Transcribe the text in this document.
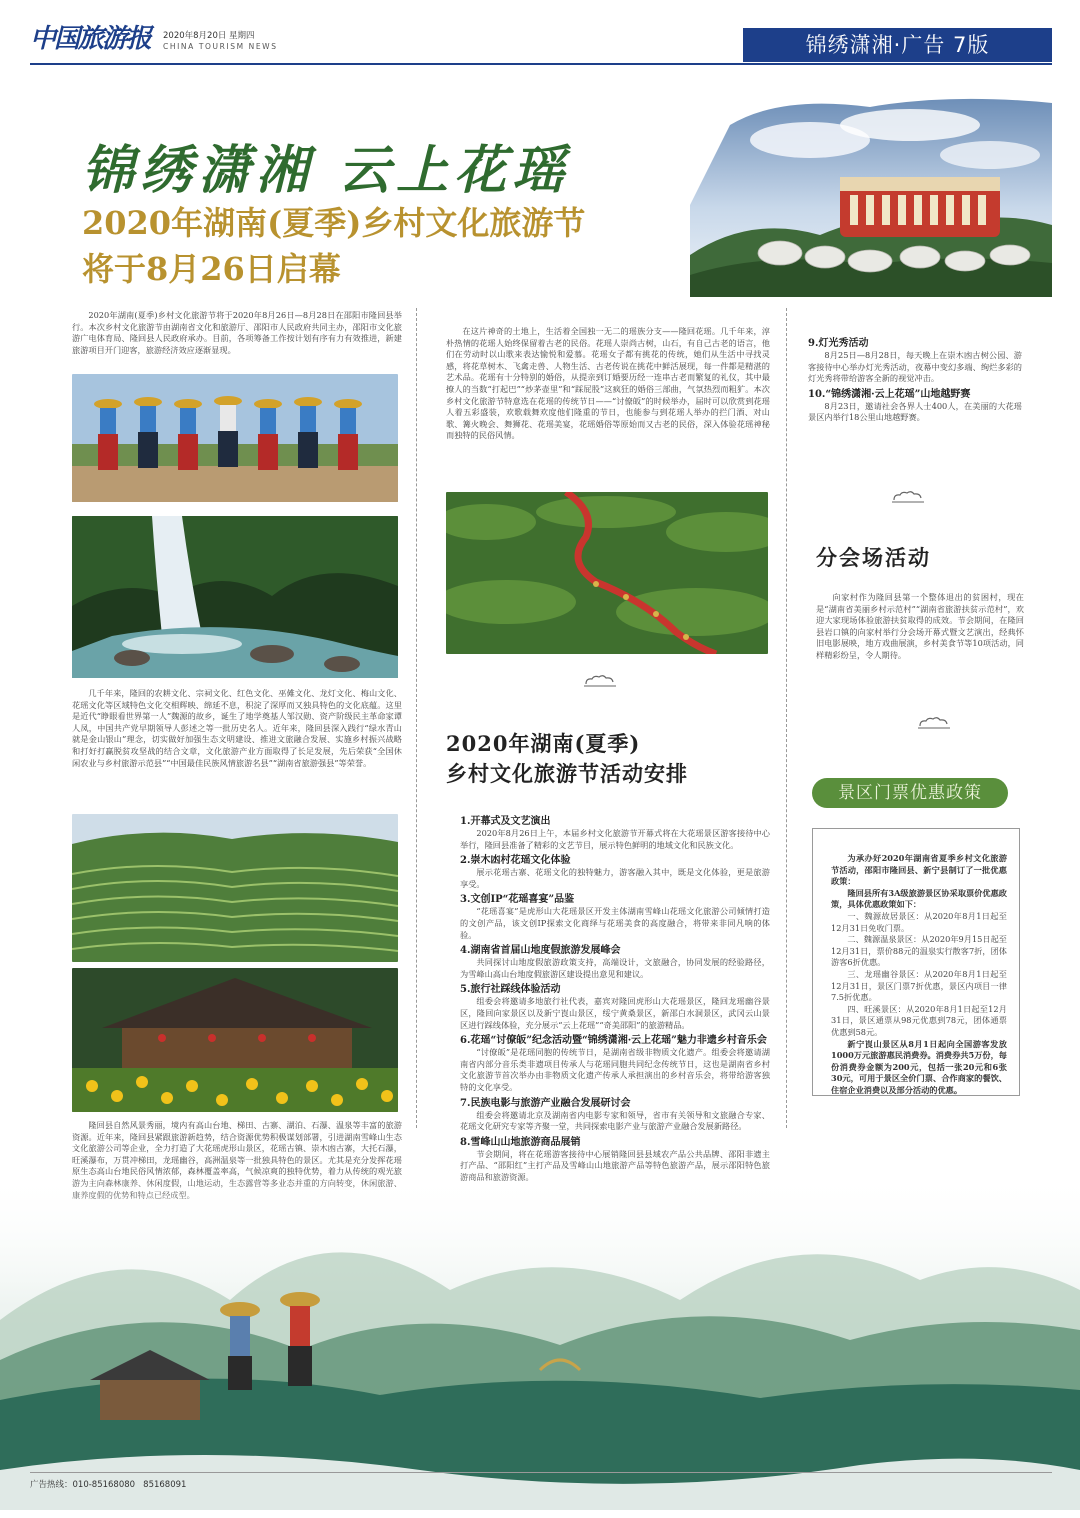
中国旅游报 2020年8月20日 星期四
CHINA TOURISM NEWS	锦绣潇湘·广告 7版
锦绣潇湘 云上花瑶
2020年湖南(夏季)乡村文化旅游节
将于8月26日启幕
2020年湖南(夏季)乡村文化旅游节将于2020年8月26日—8月28日在邵阳市隆回县举行。本次乡村文化旅游节由湖南省文化和旅游厅、邵阳市人民政府共同主办，邵阳市文化旅游广电体育局、隆回县人民政府承办。目前，各项筹备工作按计划有序有力有效推进，新建旅游项目开门迎客，旅游经济效应逐渐显现。
几千年来，隆回的农耕文化、宗祠文化、红色文化、巫傩文化、龙灯文化、梅山文化、花瑶文化等区域特色文化交相辉映、绵延不息，积淀了深厚而又独具特色的文化底蕴。这里是近代“睁眼看世界第一人”魏源的故乡，诞生了地学奠基人邹汉勋、资产阶级民主革命家谭人凤，中国共产党早期领导人彭述之等一批历史名人。近年来，隆回县深入践行“绿水青山就是金山银山”理念，切实做好加强生态文明建设、推进文旅融合发展、实施乡村振兴战略和打好打赢脱贫攻坚战的结合文章，文化旅游产业方面取得了长足发展，先后荣获“全国休闲农业与乡村旅游示范县”“中国最佳民族风情旅游名县”“湖南省旅游强县”等荣誉。
隆回县自然风景秀丽，境内有高山台地、梯田、古寨、湖泊、石瀑、温泉等丰富的旅游资源。近年来，隆回县紧跟旅游新趋势，结合资源优势积极谋划部署，引进湖南雪峰山生态文化旅游公司等企业，全力打造了大花瑶虎形山景区，花瑶古镇、崇木凼古寨，大托石瀑，旺溪瀑布，万贯冲梯田，龙瑶幽谷，高洲温泉等一批独具特色的景区。尤其是充分发挥花瑶
在这片神奇的土地上，生活着全国独一无二的瑶族分支——隆回花瑶。几千年来，淳朴热情的花瑶人始终保留着古老的民俗。花瑶人崇尚古树，山石，有自己古老的语言，他们在劳动时以山歌来表达愉悦和爱慕。花瑶女子都有挑花的传统，她们从生活中寻找灵感，将花草树木、飞禽走兽、人物生活、古老传说在挑花中鲜活展现，每一件都是精湛的艺术品。花瑶有十分特别的婚俗，从提亲到订婚要历经一连串古老而繁复的礼仪，其中最撩人的当数“打起巴”“炒茅壶里”和“踩屁股”这疯狂的婚俗三部曲，气氛热烈而粗犷。本次乡村文化旅游节特意选在花瑶的传统节日——“讨僚皈”的时候举办，届时可以欣赏到花瑶人着五彩盛装，欢歌载舞欢度他们隆重的节日，也能参与到花瑶人举办的拦门酒、对山歌、篝火晚会、舞狮花、花瑶美宴，花瑶婚俗等原始而又古老的民俗，深入体验花瑶神秘而独特的民俗风情。
2020年湖南(夏季)
乡村文化旅游节活动安排
1.开幕式及文艺演出
2020年8月26日上午，本届乡村文化旅游节开幕式将在大花瑶景区游客接待中心举行，隆回县准备了精彩的文艺节目，展示特色鲜明的地域文化和民族文化。
2.崇木凼村花瑶文化体验
展示花瑶古寨、花瑶文化的独特魅力，游客融入其中，既是文化体验，更是旅游享受。
3.文创IP“花瑶喜宴”品鉴
“花瑶喜宴”是虎形山大花瑶景区开发主体湖南雪峰山花瑶文化旅游公司倾情打造的文创产品，该文创IP探索文化商绎与花瑶美食的高度融合，将带来非同凡响的体验。
4.湖南省首届山地度假旅游发展峰会
共同探讨山地度假旅游政策支持，高端设计，文旅融合，协同发展的经验路径，为雪峰山高山台地度假旅游区建设提出意见和建议。
5.旅行社踩线体验活动
组委会将邀请多地旅行社代表，嘉宾对隆回虎形山大花瑶景区，隆回龙瑶幽谷景区，隆回向家景区以及新宁崀山景区，绥宁黄桑景区，新邵白水洞景区，武冈云山景区进行踩线体验，充分展示“云上花瑶”“奇美邵阳”的旅游精品。
6.花瑶“讨僚皈”纪念活动暨“锦绣潇湘·云上花瑶”魅力非遗乡村音乐会
“讨僚皈”是花瑶同胞的传统节日，是湖南省级非物质文化遗产。组委会将邀请湖南省内部分音乐类非遗项目传承人与花瑶同胞共同纪念传统节日，这也是湖南省乡村文化旅游节首次举办由非物质文化遗产传承人承担演出的乡村音乐会，将带给游客独特的文化享受。
7.民族电影与旅游产业融合发展研讨会
组委会将邀请北京及湖南省内电影专家和领导，省市有关领导和文旅融合专家、花瑶文化研究专家等齐聚一堂，共同探索电影产业与旅游产业融合发展新路径。
8.雪峰山山地旅游商品展销
节会期间，将在花瑶游客接待中心展销隆回县县域农产品公共品牌、邵阳非遗主打产品、“邵阳红”主打产品及雪峰山山地旅游产品等特色旅游产品，展示邵阳特色旅
9.灯光秀活动
8月25日—8月28日，每天晚上在崇木凼古树公园、游客接待中心举办灯光秀活动，夜幕中变幻多端、绚烂多彩的灯光秀将带给游客全新的视觉冲击。
10.“锦绣潇湘·云上花瑶”山地越野赛
8月23日，邀请社会各界人士400人，在美丽的大花瑶景区内举行18公里山地越野赛。
分会场活动
向家村作为隆回县第一个整体退出的贫困村，现在是“湖南省美丽乡村示范村”“湖南省旅游扶贫示范村”，欢迎大家现场体验旅游扶贫取得的成效。节会期间，在隆回县岩口镇的向家村举行分会场开幕式暨文艺演出，经典怀旧电影展映，地方戏曲展演，乡村美食节等10项活动，同样精彩纷呈，令人期待。
景区门票优惠政策
为承办好2020年湖南省夏季乡村文化旅游节活动，邵阳市隆回县、新宁县制订了一批优惠政策：
隆回县所有3A级旅游景区协采取票价优惠政策，具体优惠政策如下：
一、魏源故居景区：从2020年8月1日起至12月31日免收门票。
二、魏源温泉景区：从2020年9月15日起至12月31日，票价88元的温泉实行散客7折，团体游客6折优惠。
三、龙瑶幽谷景区：从2020年8月1日起至12月31日，景区门票7折优惠，景区内项目一律7.5折优惠。
四、旺溪景区：从2020年8月1日起至12月31日，景区通票从98元优惠到78元，团体通票优惠到58元。
新宁崀山景区从8月1日起向全国游客发放1000万元旅游惠民消费券。消费券共5万份，每份消费券金额为200元，包括一张20元和6张30元，可用于景区全价门票、合作商家的餐饮、住宿企业消费以及部分活动的优惠。
广告热线：010-85168080   85168091
